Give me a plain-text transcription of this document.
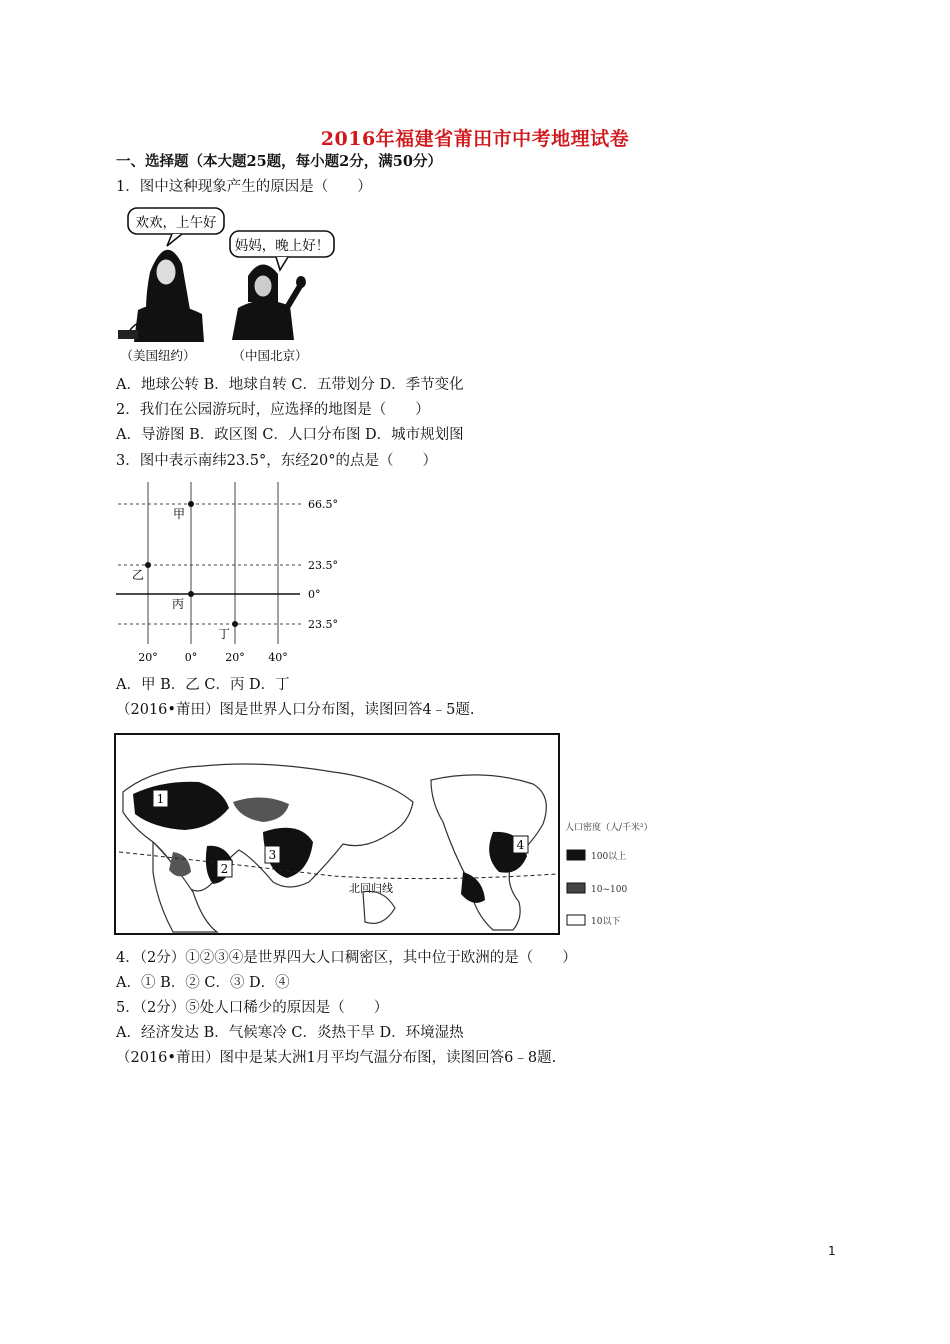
2016年福建省莆田市中考地理试卷
一、选择题（本大题25题，每小题2分，满50分）
1．图中这种现象产生的原因是（　　）
欢欢，上午好
妈妈，晚上好！
（美国纽约）	（中国北京）
A．地球公转 B．地球自转 C．五带划分 D．季节变化
2．我们在公园游玩时，应选择的地图是（　　）
A．导游图 B．政区图 C．人口分布图 D．城市规划图
3．图中表示南纬23.5°，东经20°的点是（　　）
甲
乙
丙
丁
66.5°
23.5°
0°
23.5°
20° 0°	20° 40°
A．甲 B．乙 C．丙 D．丁
（2016•莆田）图是世界人口分布图，读图回答4﹣5题.
北回归线
1
2
3
4
人口密度（人/千米²）
100以上
10~100
10以下
4．（2分）①②③④是世界四大人口稠密区，其中位于欧洲的是（　　）
A．① B．② C．③ D．④
5．（2分）⑤处人口稀少的原因是（　　）
A．经济发达 B．气候寒冷 C．炎热干旱 D．环境湿热
（2016•莆田）图中是某大洲1月平均气温分布图，读图回答6﹣8题.
1
